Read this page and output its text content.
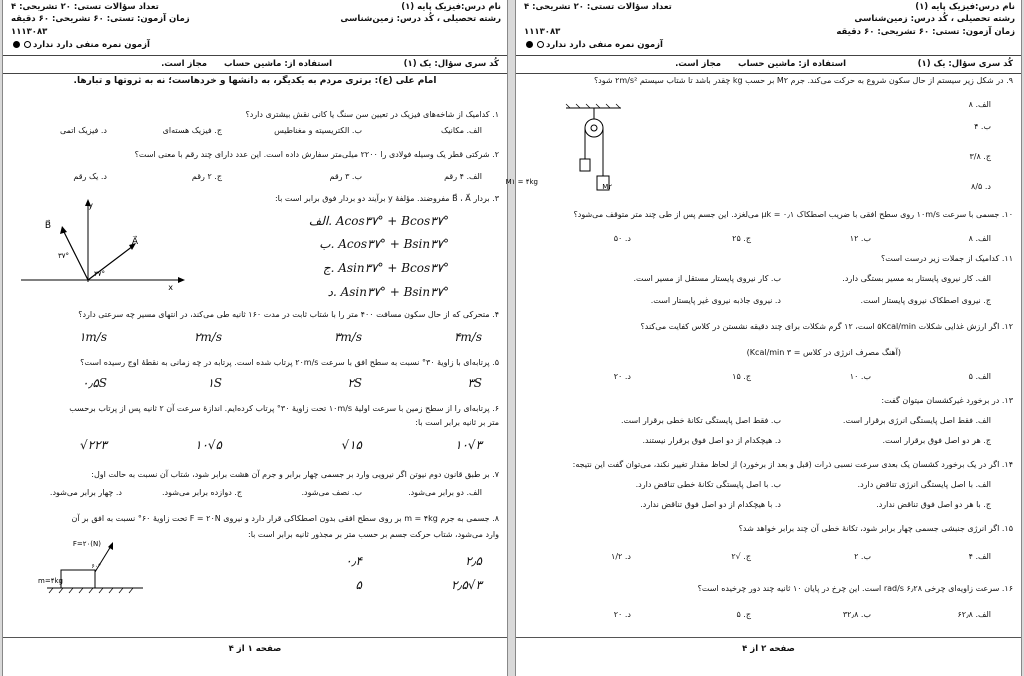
نام درس:فیزیک پایه (۱)
تعداد سؤالات تستی: ۲۰ تشریحی: ۴
رشته تحصیلی ، کُد درس: زمین‌شناسی
زمان آزمون: تستی: ۶۰ تشریحی: ۶۰ دقیقه
۱۱۱۳۰۸۳
آزمون نمره منفی دارد ندارد
کُد سری سؤال: یک (۱)
استفاده از: ماشین حساب
مجاز است.
امام علی (ع): برتری مردم به یکدیگر، به دانشها و خردهاست؛ نه به ثروتها و تبارها.
۱. کدامیک از شاخه‌های فیزیک در تعیین سن سنگ یا کانی نقش بیشتری دارد؟
الف. مکانیک
ب. الکتریسیته و مغناطیس
ج. فیزیک هسته‌ای
د. فیزیک اتمی
۲. شرکتی قطر یک وسیله فولادی را ۲۲۰۰ میلی‌متر سفارش داده است. این عدد دارای چند رقم با معنی است؟
الف. ۴ رقم
ب. ۳ رقم
ج. ۲ رقم
د. یک رقم
۳. بردار B⃗ ، A⃗ مفروضند. مؤلفهٔ y برآیند دو بردار فوق برابر است با:
الف. Acos۳۷° + Bcos۳۷°
ب. Acos۳۷° + Bsin۳۷°
ج. Asin۳۷° + Bcos۳۷°
د. Asin۳۷° + Bsin۳۷°
A⃗
B⃗
x
y
۳۷°
۳۷°
۴. متحرکی که از حال سکون مسافت ۴۰۰ متر را با شتاب ثابت در مدت ۱۶۰ ثانیه طی می‌کند، در انتهای مسیر چه سرعتی دارد؟
۴m/s
۳m/s
۲m/s
۱m/s
۵. پرتابه‌ای با زاویهٔ ۳۰° نسبت به سطح افق با سرعت ۲۰m/s پرتاب شده است. پرتابه در چه زمانی به نقطهٔ اوج رسیده است؟
۳S
۲S
۱S
۰٫۵S
۶. پرتابه‌ای را از سطح زمین با سرعت اولیهٔ ۱۰m/s تحت زاویهٔ ۳۰° پرتاب کرده‌ایم. اندازهٔ سرعت آن ۲ ثانیه پس از پرتاب برحسب
متر بر ثانیه برابر است با:
۱۰√۳
√۱۵
۱۰√۵
√۲۲۳
۷. بر طبق قانون دوم نیوتن اگر نیرویی وارد بر جسمی چهار برابر و جرم آن هشت برابر شود، شتاب آن نسبت به حالت اول:
الف. دو برابر می‌شود.
ب. نصف می‌شود.
ج. دوازده برابر می‌شود.
د. چهار برابر می‌شود.
۸. جسمی به جرم m = ۴kg بر روی سطح افقی بدون اصطکاکی قرار دارد و نیروی F = ۲۰N تحت زاویهٔ ۶۰° نسبت به افق بر آن
وارد می‌شود، شتاب حرکت جسم بر حسب متر بر مجذور ثانیه برابر است با:
۲٫۵
۰٫۴
۲٫۵√۳
۵
m=۴kg
F=۲۰(N)
۶۰°
صفحه ۱ از ۴
نام درس:فیزیک پایه (۱)
تعداد سؤالات تستی: ۲۰ تشریحی: ۴
رشته تحصیلی ، کُد درس: زمین‌شناسی
زمان آزمون: تستی: ۶۰ تشریحی: ۶۰ دقیقه
۱۱۱۳۰۸۳
آزمون نمره منفی دارد ندارد
کُد سری سؤال: یک (۱)
استفاده از: ماشین حساب
مجاز است.
۹. در شکل زیر سیستم از حال سکون شروع به حرکت می‌کند. جرم M۲ بر حسب kg چقدر باشد تا شتاب سیستم ۲m/s² شود؟
الف. ۸
ب. ۴
ج. ۳/۸
د. ۸/۵
M۱ = ۴kg
M۲
۱۰. جسمی با سرعت ۱۰m/s روی سطح افقی با ضریب اصطکاک μk = ۰٫۱ می‌لغزد. این جسم پس از طی چند متر متوقف می‌شود؟
الف. ۸
ب. ۱۲
ج. ۲۵
د. ۵۰
۱۱. کدامیک از جملات زیر درست است؟
الف. کار نیروی پایستار به مسیر بستگی دارد.
ب. کار نیروی پایستار مستقل از مسیر است.
ج. نیروی اصطکاک نیروی پایستار است.
د. نیروی جاذبه نیروی غیر پایستار است.
۱۲. اگر ارزش غذایی شکلات ۵Kcal/min است، ۱۲ گرم شکلات برای چند دقیقه نشستن در کلاس کفایت می‌کند؟
(آهنگ مصرف انرژی در کلاس = ۳ Kcal/min)
الف. ۵
ب. ۱۰
ج. ۱۵
د. ۲۰
۱۳. در برخورد غیرکشسان میتوان گفت:
الف. فقط اصل پایستگی انرژی برقرار است.
ب. فقط اصل پایستگی تکانهٔ خطی برقرار است.
ج. هر دو اصل فوق برقرار است.
د. هیچکدام از دو اصل فوق برقرار نیستند.
۱۴. اگر در یک برخورد کشسان یک بعدی سرعت نسبی ذرات (قبل و بعد از برخورد) از لحاظ مقدار تغییر نکند، می‌توان گفت این نتیجه:
الف. با اصل پایستگی انرژی تناقض دارد.
ب. با اصل پایستگی تکانهٔ خطی تناقض دارد.
ج. با هر دو اصل فوق تناقض ندارد.
د. با هیچکدام از دو اصل فوق تناقض ندارد.
۱۵. اگر انرژی جنبشی جسمی چهار برابر شود، تکانهٔ خطی آن چند برابر خواهد شد؟
الف. ۴
ب. ۲
ج. √۲
د. ۱/۲
۱۶. سرعت زاویه‌ای چرخی ۶٫۲۸ rad/s است. این چرخ در پایان ۱۰ ثانیه چند دور چرخیده است؟
الف. ۶۲٫۸
ب. ۳۲٫۸
ج. ۵
د. ۲۰
صفحه ۲ از ۴
